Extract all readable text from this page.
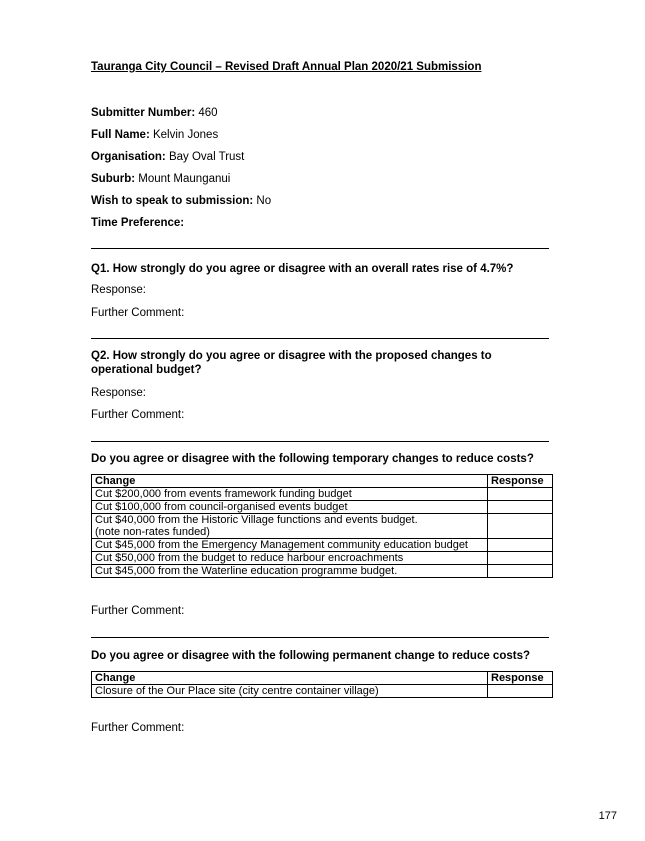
Tauranga City Council – Revised Draft Annual Plan 2020/21 Submission
Submitter Number: 460
Full Name: Kelvin Jones
Organisation: Bay Oval Trust
Suburb: Mount Maunganui
Wish to speak to submission: No
Time Preference:
Q1. How strongly do you agree or disagree with an overall rates rise of 4.7%?
Response:
Further Comment:
Q2. How strongly do you agree or disagree with the proposed changes to operational budget?
Response:
Further Comment:
Do you agree or disagree with the following temporary changes to reduce costs?
Change	Response
Cut $200,000 from events framework funding budget	
Cut $100,000 from council-organised events budget	

Cut $40,000 from the Historic Village functions and events budget.
(note non-rates funded)	

Cut $45,000 from the Emergency Management community education budget	
Cut $50,000 from the budget to reduce harbour encroachments	
Cut $45,000 from the Waterline education programme budget.	
Further Comment:
Do you agree or disagree with the following permanent change to reduce costs?
Change	Response
Closure of the Our Place site (city centre container village)	
Further Comment:
177
